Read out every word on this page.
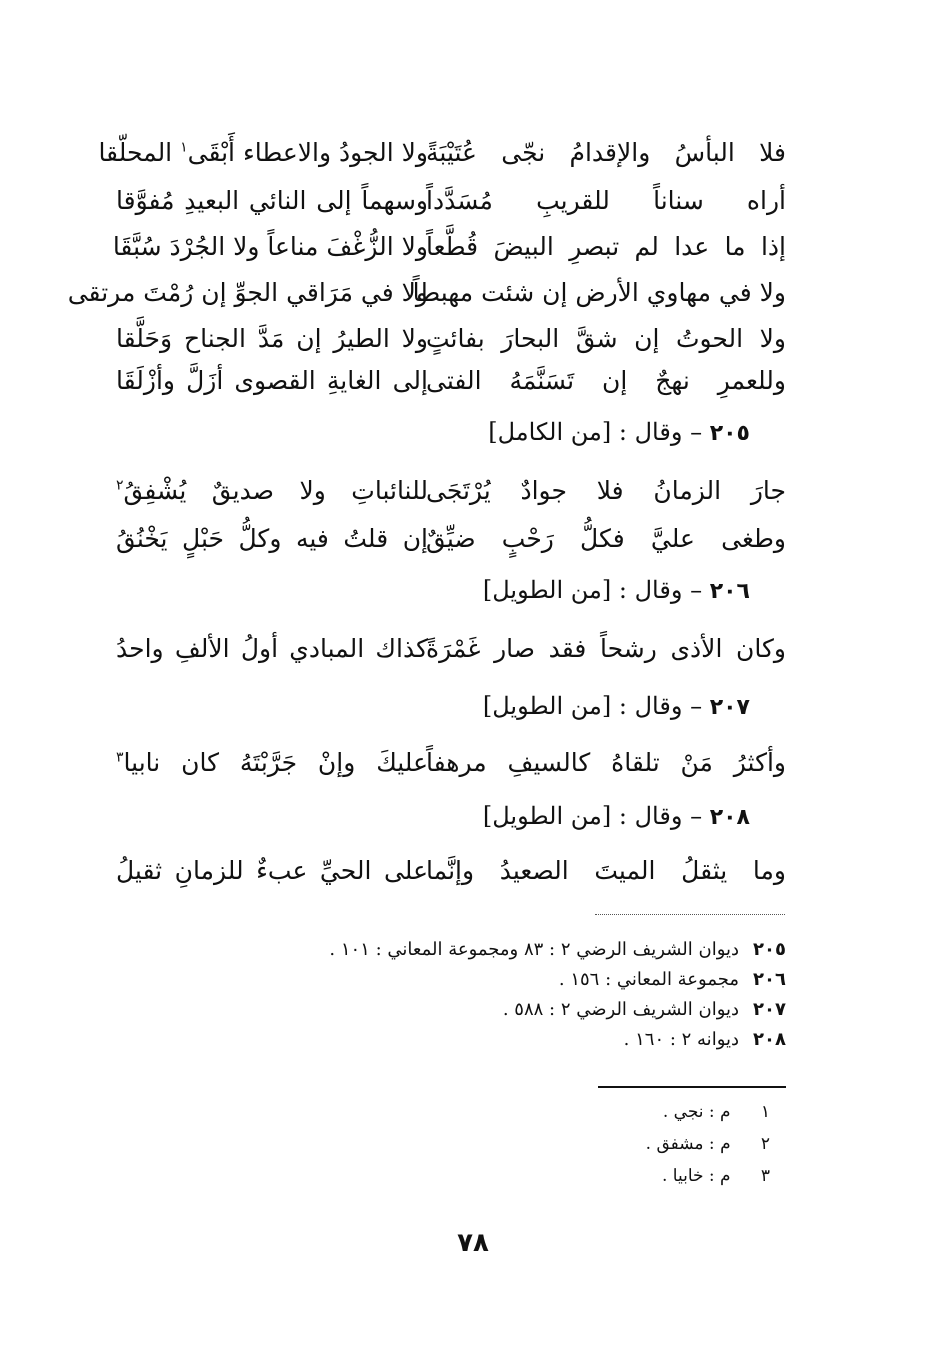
فلا البأسُ والإقدامُ نجّى عُتَيْبَةً
ولا الجودُ والاعطاء أَبْقَى$^١$ المحلّقا
أراه سناناً للقريبِ مُسَدَّداً
وسهماً إلى النائي البعيدِ مُفوَّقا
إذا ما عدا لم تبصرِ البيضَ قُطَّعاً
ولا الزُّغْفَ مناعاً ولا الجُرْدَ سُبَّقَا
ولا في مهاوي الأرض إن شئت مهبطاً
ولا في مَرَاقي الجوِّ إن رُمْتَ مرتقى
ولا الحوتُ إن شقَّ البحارَ بفائتٍ
ولا الطيرُ إن مَدَّ الجناح وَحَلَّقا
وللعمرِ نهجٌ إن تَسَنَّمَهُ الفتى
إلى الغايةِ القصوى أزَلَّ وأزْلَقَا
٢٠٥ – وقال : [من الكامل]
جارَ الزمانُ فلا جوادٌ يُرْتَجَى
للنائباتِ ولا صديقٌ يُشْفِقُ$^٢$
وطغى عليَّ فكلُّ رَحْبٍ ضيِّقٌ
إن قلتُ فيه وكلُّ حَبْلٍ يَخْنُقُ
٢٠٦ – وقال : [من الطويل]
وكان الأذى رشحاً فقد صار غَمْرَةً
كذاك المبادي أولُ الألفِ واحدُ
٢٠٧ – وقال : [من الطويل]
وأكثرُ مَنْ تلقاهُ كالسيفِ مرهفاً
عليكَ وإنْ جَرَّبْتَهُ كان نابيا$^٣$
٢٠٨ – وقال : [من الطويل]
وما يثقلُ الميتَ الصعيدُ وإنَّما
على الحيِّ عبءٌ للزمانِ ثقيلُ
٢٠٥ديوان الشريف الرضي ٢ : ٨٣ ومجموعة المعاني : ١٠١ .
٢٠٦مجموعة المعاني : ١٥٦ .
٢٠٧ديوان الشريف الرضي ٢ : ٥٨٨ .
٢٠٨ديوانه ٢ : ١٦٠ .
١ م : نجي .
٢ م : مشفق .
٣ م : خابيا .
٧٨
